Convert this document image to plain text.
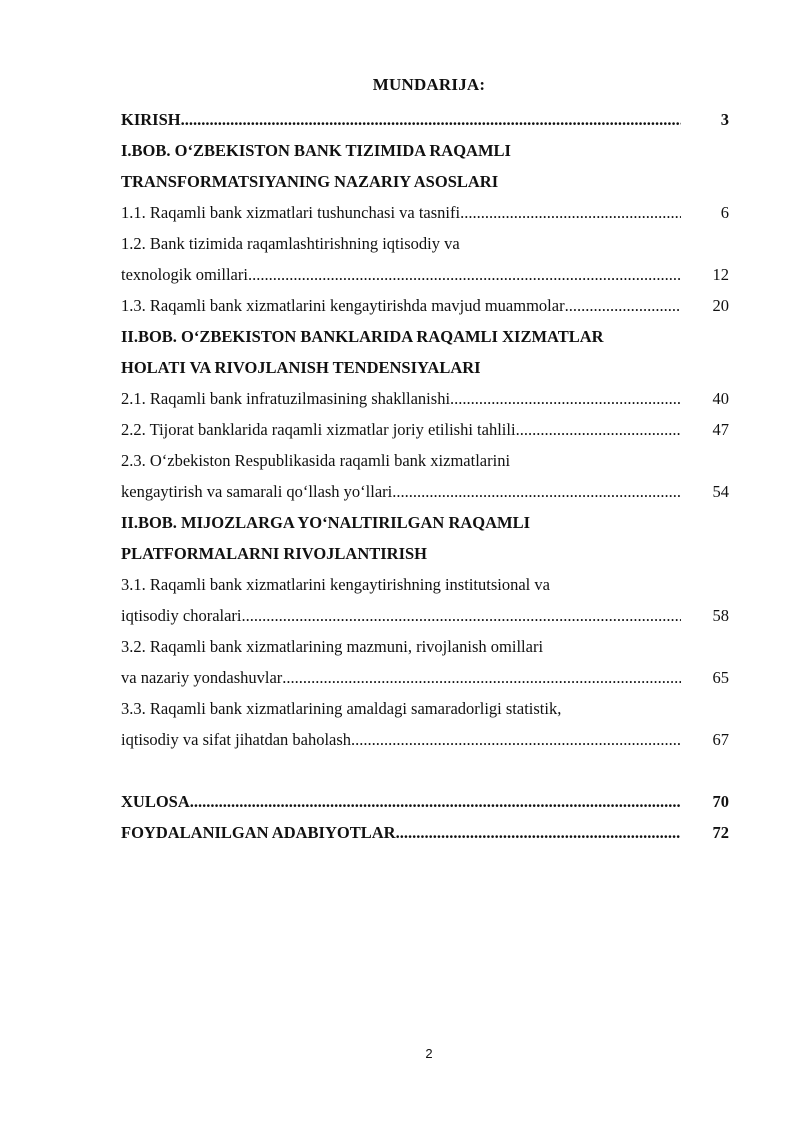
MUNDARIJA:
KIRISH .....	3
I.BOB. O‘ZBEKISTON BANK TIZIMIDA RAQAMLI
TRANSFORMATSIYANING NAZARIY ASOSLARI
1.1. Raqamli bank xizmatlari tushunchasi va tasnifi .....	6
1.2. Bank tizimida raqamlashtirishning iqtisodiy va
texnologik omillari .....	12
1.3. Raqamli bank xizmatlarini kengaytirishda mavjud muammolar .....	20
II.BOB. O‘ZBEKISTON BANKLARIDA RAQAMLI XIZMATLAR
HOLATI VA RIVOJLANISH TENDENSIYALARI
2.1. Raqamli bank infratuzilmasining shakllanishi .....	40
2.2. Tijorat banklarida raqamli xizmatlar joriy etilishi tahlili .....	47
2.3. O‘zbekiston Respublikasida raqamli bank xizmatlarini
kengaytirish va samarali qo‘llash yo‘llari .....	54
II.BOB. MIJOZLARGA YO‘NALTIRILGAN RAQAMLI
PLATFORMALARNI RIVOJLANTIRISH
3.1. Raqamli bank xizmatlarini kengaytirishning institutsional va
iqtisodiy choralari .....	58
3.2. Raqamli bank xizmatlarining mazmuni, rivojlanish omillari
va nazariy yondashuvlar .....	65
3.3. Raqamli bank xizmatlarining amaldagi samaradorligi statistik,
iqtisodiy va sifat jihatdan baholash .....	67
XULOSA .....	70
FOYDALANILGAN ADABIYOTLAR .....	72
2
